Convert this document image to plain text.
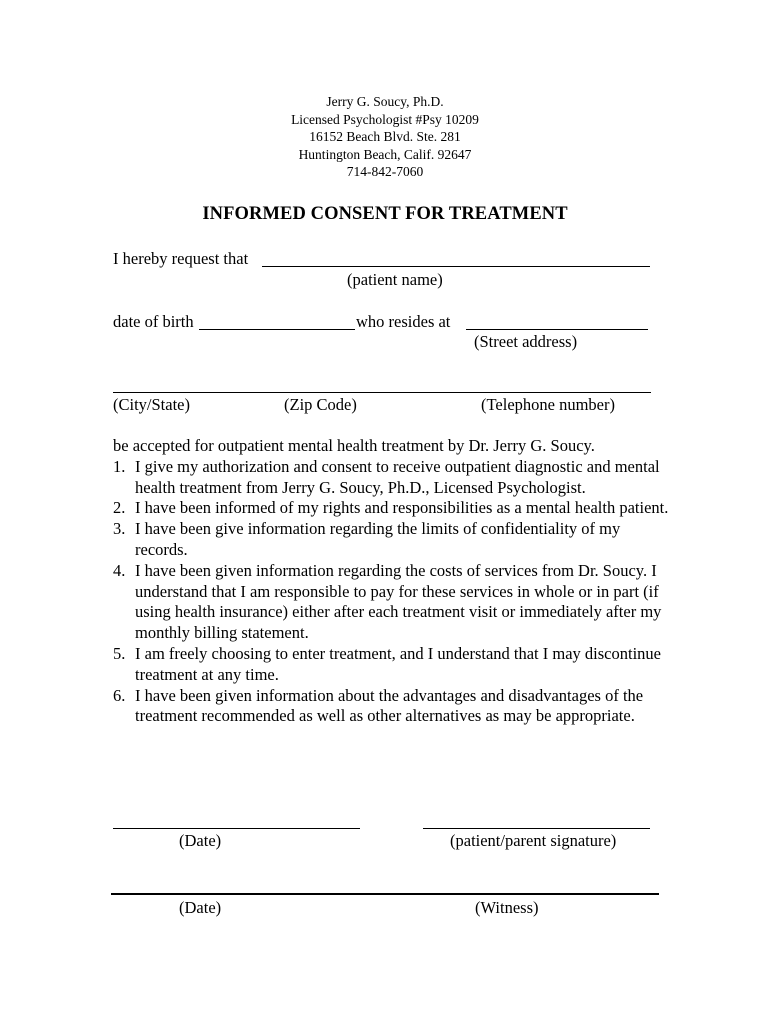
Jerry G. Soucy, Ph.D.
Licensed Psychologist #Psy 10209
16152 Beach Blvd. Ste. 281
Huntington Beach, Calif. 92647
714-842-7060
INFORMED CONSENT FOR TREATMENT
I hereby request that
(patient name)
date of birth	who resides at
(Street address)
(City/State)	(Zip Code)	(Telephone number)
be accepted for outpatient mental health treatment by Dr. Jerry G. Soucy.
1. I give my authorization and consent to receive outpatient diagnostic and mental health treatment from Jerry G. Soucy, Ph.D., Licensed Psychologist.
2. I have been informed of my rights and responsibilities as a mental health patient.
3. I have been give information regarding the limits of confidentiality of my records.
4. I have been given information regarding the costs of services from Dr. Soucy. I understand that I am responsible to pay for these services in whole or in part (if using health insurance) either after each treatment visit or immediately after my monthly billing statement.
5. I am freely choosing to enter treatment, and I understand that I may discontinue treatment at any time.
6. I have been given information about the advantages and disadvantages of the treatment recommended as well as other alternatives as may be appropriate.
(Date)	(patient/parent signature)
(Date)	(Witness)
